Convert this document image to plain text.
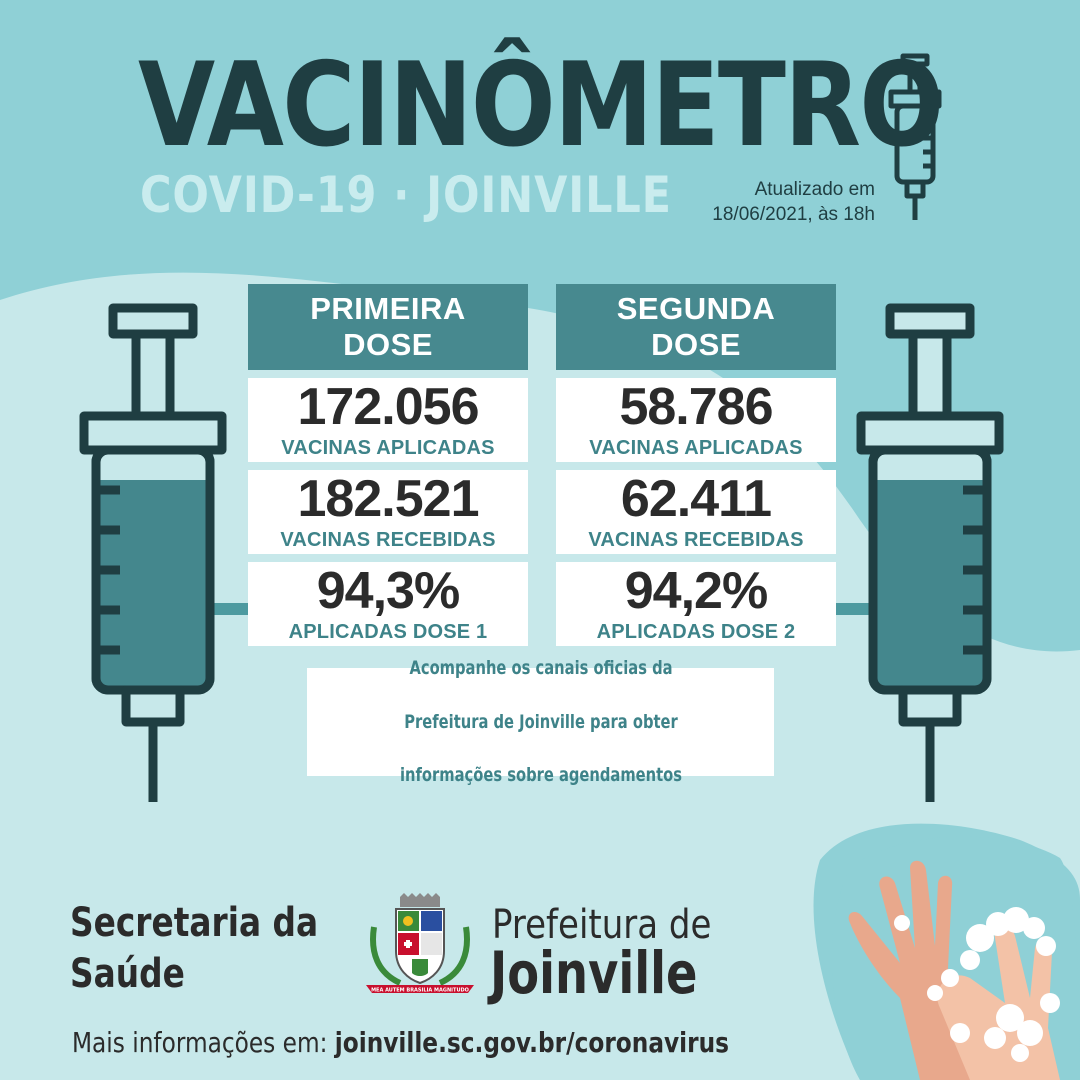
VACINÔMETRO
COVID-19 · JOINVILLE	Atualizado em
18/06/2021, às 18h
PRIMEIRA
DOSE
172.056
VACINAS APLICADAS
182.521
VACINAS RECEBIDAS
94,3%
APLICADAS DOSE 1
SEGUNDA
DOSE
58.786
VACINAS APLICADAS
62.411
VACINAS RECEBIDAS
94,2%
APLICADAS DOSE 2
Acompanhe os canais oficias da

Prefeitura de Joinville para obter

informações sobre agendamentos
Secretaria da
Saúde	MEA AUTEM BRASILIA MAGNITUDO
Prefeitura de
Joinville
Mais informações em: joinville.sc.gov.br/coronavirus
